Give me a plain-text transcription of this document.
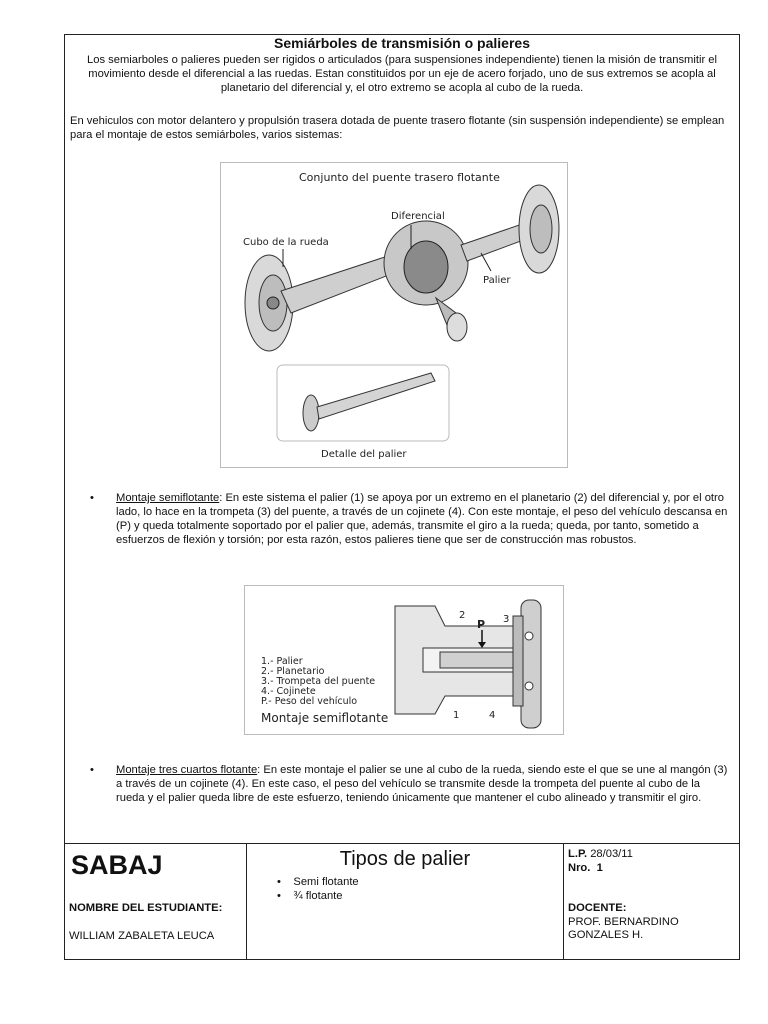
Semiárboles de transmisión o palieres
Los semiarboles o palieres pueden ser rigidos o articulados (para suspensiones independiente) tienen la misión de transmitir el movimiento desde el diferencial a las ruedas. Estan constituidos por un eje de acero forjado, uno de sus extremos se acopla al planetario del diferencial y, el otro extremo se acopla al cubo de la rueda.
En vehiculos con motor delantero y propulsión trasera dotada de puente trasero flotante (sin suspensión independiente) se emplean para el montaje de estos semiárboles, varios sistemas:
Conjunto del puente trasero flotante
Diferencial
Cubo de la rueda
Palier
Detalle del palier
• Montaje semiflotante: En este sistema el palier (1) se apoya por un extremo en el planetario (2) del diferencial y, por el otro lado, lo hace en la trompeta (3) del puente, a través de un cojinete (4). Con este montaje, el peso del vehículo descansa en (P) y queda totalmente soportado por el palier que, además, transmite el giro a la rueda; queda, por tanto, sometido a esfuerzos de flexión y torsión; por esta razón, estos palieres tiene que ser de construcción mas robustos.
P
2	3
1	4
1.- Palier
2.- Planetario
3.- Trompeta del puente
4.- Cojinete
P.- Peso del vehículo
Montaje semiflotante
• Montaje tres cuartos flotante: En este montaje el palier se une al cubo de la rueda, siendo este el que se une al mangón (3) a través de un cojinete (4). En este caso, el peso del vehículo se transmite desde la trompeta del puente al cubo de la rueda y el palier queda libre de este esfuerzo, teniendo únicamente que mantener el cubo alineado y transmitir el giro.
SABAJ
NOMBRE DEL ESTUDIANTE:
WILLIAM ZABALETA LEUCA
Tipos de palier
• Semi flotante
• ¾ flotante
L.P. 28/03/11
Nro.  1
DOCENTE:
PROF. BERNARDINO GONZALES H.
